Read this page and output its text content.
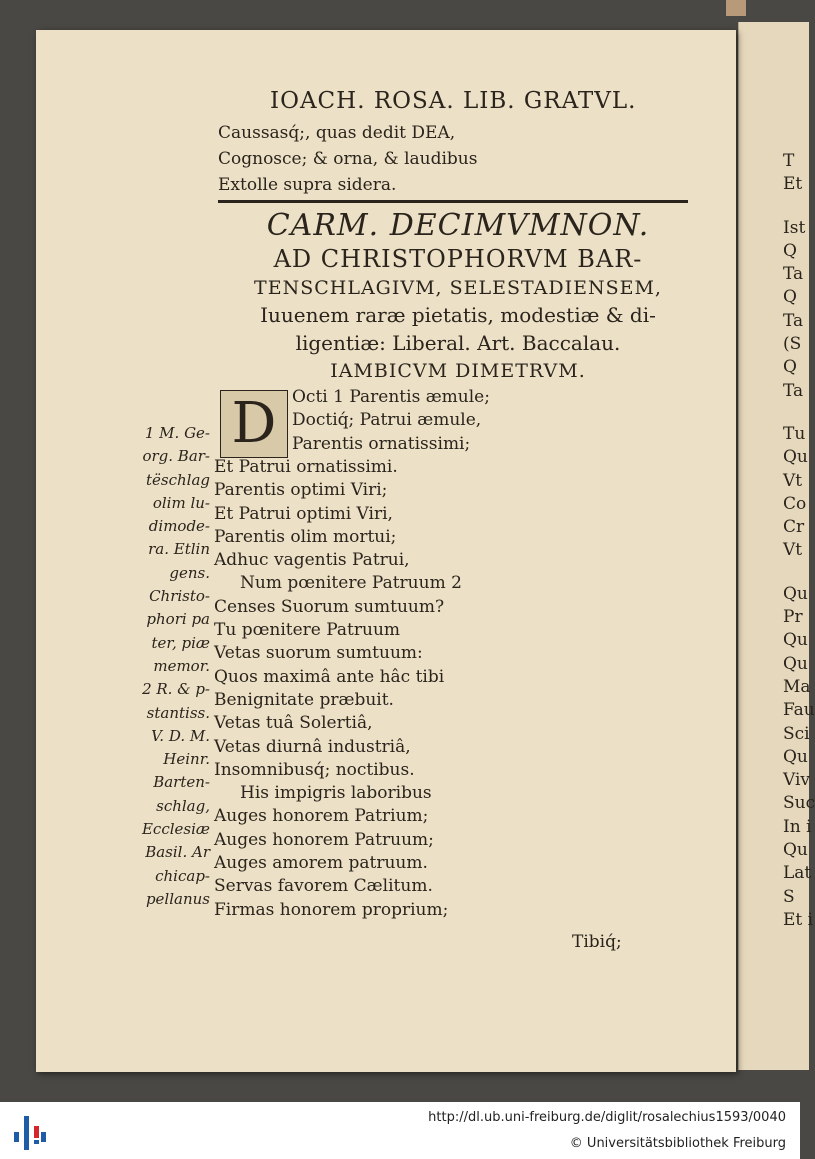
T
Et
Ist
Q
Ta
Q
Ta
(S
Q
Ta
Tu
Qu
Vt
Co
Cr
Vt
Qu
Pr
Qu
Qu
Ma
Fau
Sci
Qu
Viv
Suc
In i
Qu
Lat
S
Et i
IOACH. ROSA. LIB. GRATVL.
Caussasq́;, quas dedit DEA,
Cognosce; & orna, & laudibus
Extolle supra sidera.
CARM. DECIMVMNON.
AD CHRISTOPHORVM BAR-
TENSCHLAGIVM, SELESTADIENSEM,
Iuuenem raræ pietatis, modestiæ & di-
ligentiæ: Liberal. Art. Baccalau.
IAMBICVM DIMETRVM.
D Octi 1 Parentis æmule;
Doctiq́; Patrui æmule,
Parentis ornatissimi;
Et Patrui ornatissimi.
Parentis optimi Viri;
Et Patrui optimi Viri,
Parentis olim mortui;
Adhuc vagentis Patrui,
Num pœnitere Patruum 2
Censes Suorum sumtuum?
Tu pœnitere Patruum
Vetas suorum sumtuum:
Quos maximâ ante hâc tibi
Benignitate præbuit.
Vetas tuâ Solertiâ,
Vetas diurnâ industriâ,
Insomnibusq́; noctibus.
His impigris laboribus
Auges honorem Patrium;
Auges honorem Patruum;
Auges amorem patruum.
Servas favorem Cælitum.
Firmas honorem proprium;
1 M. Ge-
org. Bar-
tëschlag
olim lu-
dimode-
ra. Etlin
gens.
Christo-
phori pa
ter, piæ
memor.
2 R. & p-
stantiss.
V. D. M.
Heinr.
Barten-
schlag,
Ecclesiæ
Basil. Ar
chicap-
pellanus
Tibiq́;
http://dl.ub.uni-freiburg.de/diglit/rosalechius1593/0040
© Universitätsbibliothek Freiburg
